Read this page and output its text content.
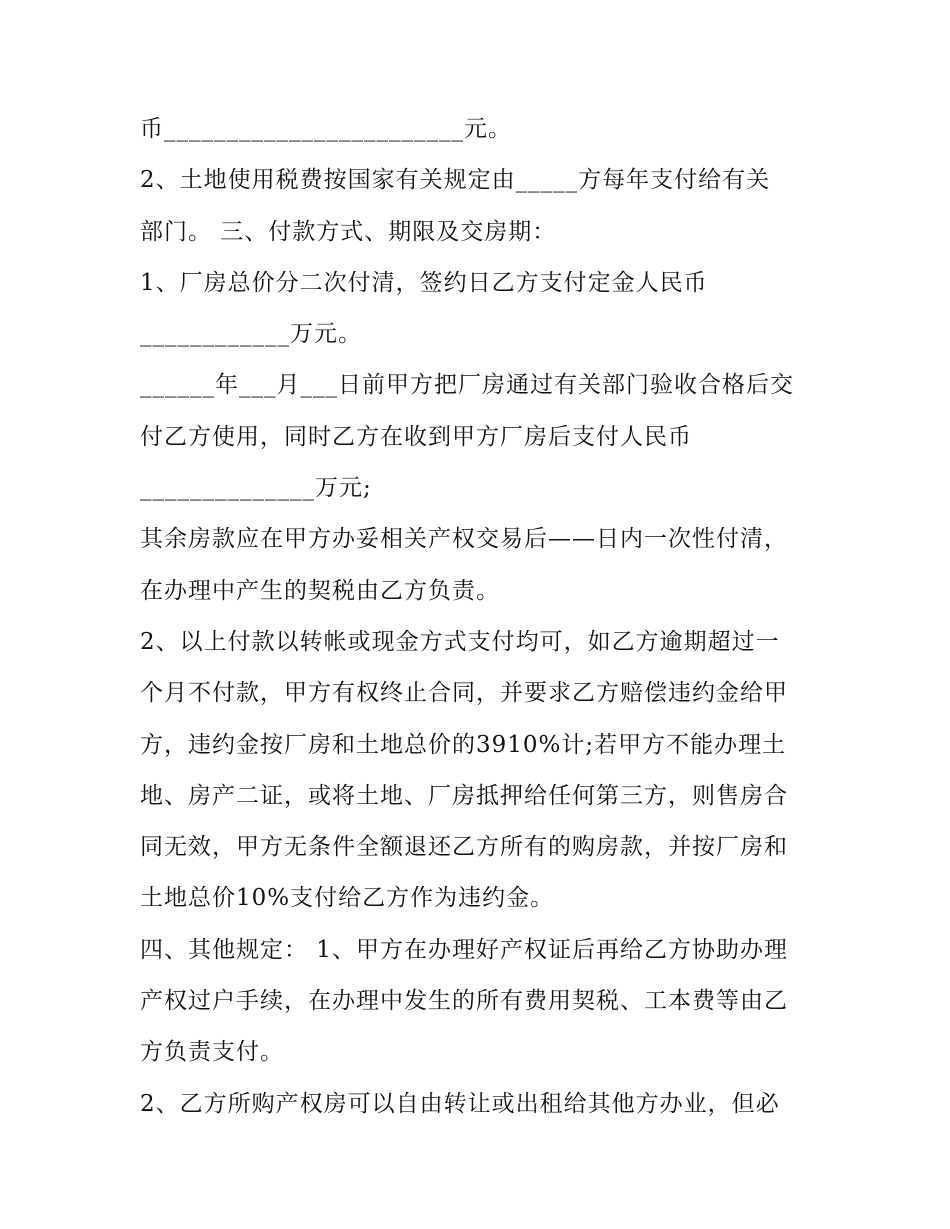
币________________________元。
2、土地使用税费按国家有关规定由_____方每年支付给有关
部门。 三、付款方式、期限及交房期：
1、厂房总价分二次付清，签约日乙方支付定金人民币
____________万元。
______年___月___日前甲方把厂房通过有关部门验收合格后交
付乙方使用，同时乙方在收到甲方厂房后支付人民币
______________万元;
其余房款应在甲方办妥相关产权交易后——日内一次性付清，
在办理中产生的契税由乙方负责。
2、以上付款以转帐或现金方式支付均可，如乙方逾期超过一
个月不付款，甲方有权终止合同，并要求乙方赔偿违约金给甲
方，违约金按厂房和土地总价的3910%计;若甲方不能办理土
地、房产二证，或将土地、厂房抵押给任何第三方，则售房合
同无效，甲方无条件全额退还乙方所有的购房款，并按厂房和
土地总价10%支付给乙方作为违约金。
四、其他规定： 1、甲方在办理好产权证后再给乙方协助办理
产权过户手续，在办理中发生的所有费用契税、工本费等由乙
方负责支付。
2、乙方所购产权房可以自由转让或出租给其他方办业，但必
